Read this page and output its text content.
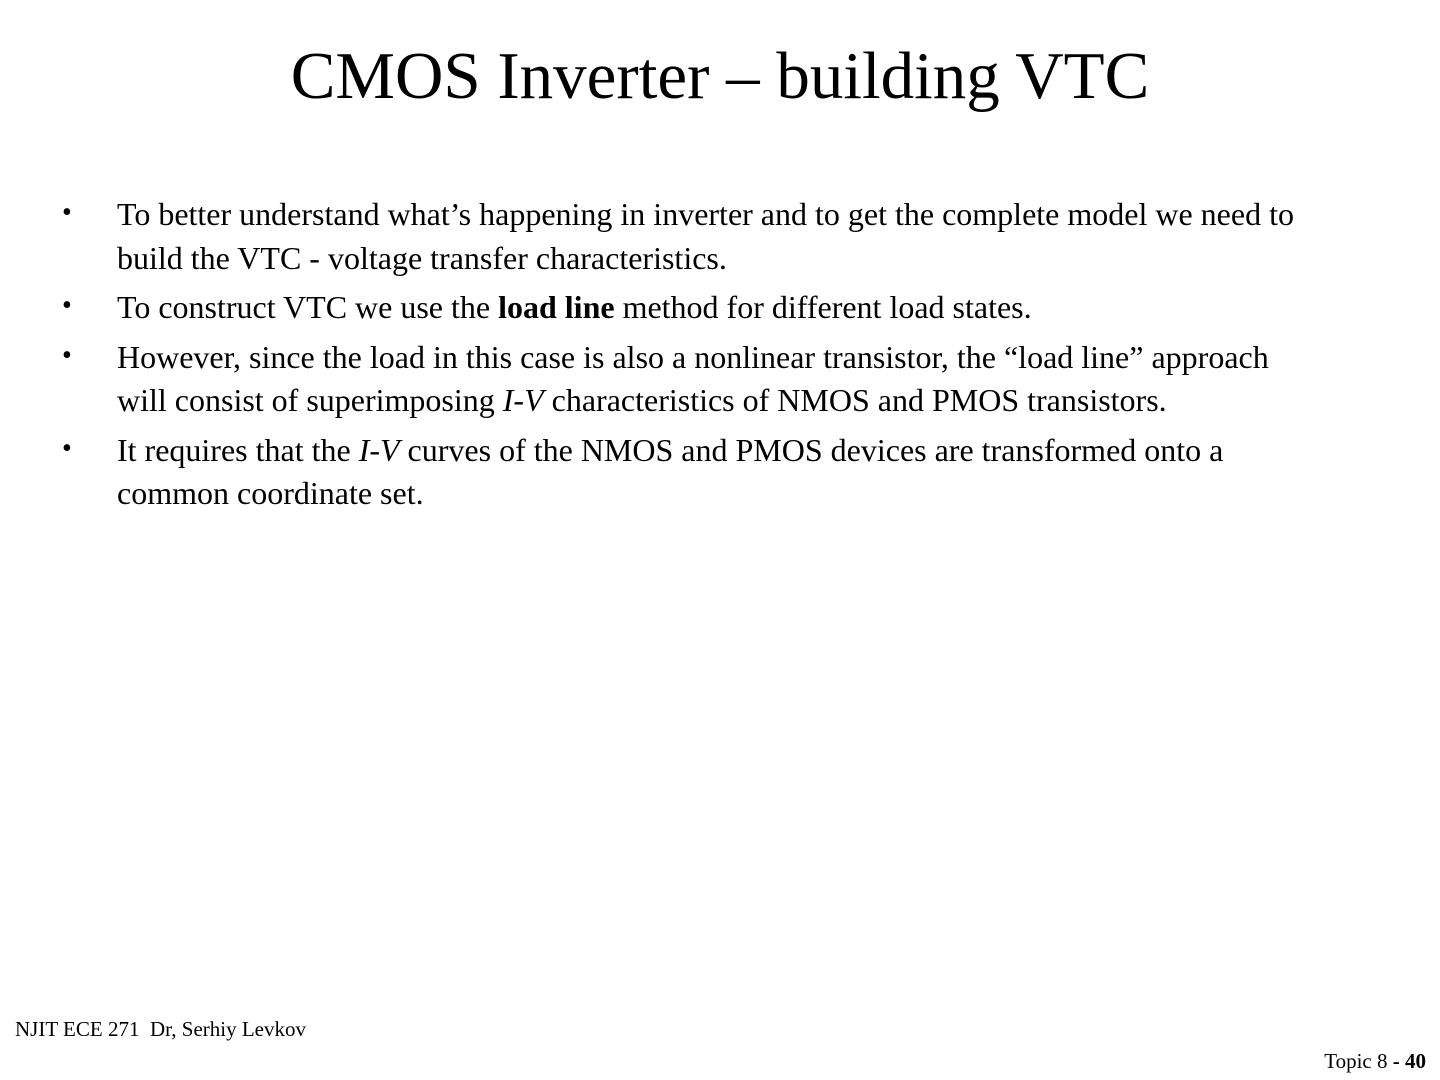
CMOS Inverter – building VTC
• To better understand what’s happening in inverter and to get the complete model we need to build the VTC - voltage transfer characteristics.
• To construct VTC we use the load line method for different load states.
• However, since the load in this case is also a nonlinear transistor, the “load line” approach will consist of superimposing I-V characteristics of NMOS and PMOS transistors.
• It requires that the I-V curves of the NMOS and PMOS devices are transformed onto a common coordinate set.
NJIT ECE 271  Dr, Serhiy Levkov
Topic 8 - 40
